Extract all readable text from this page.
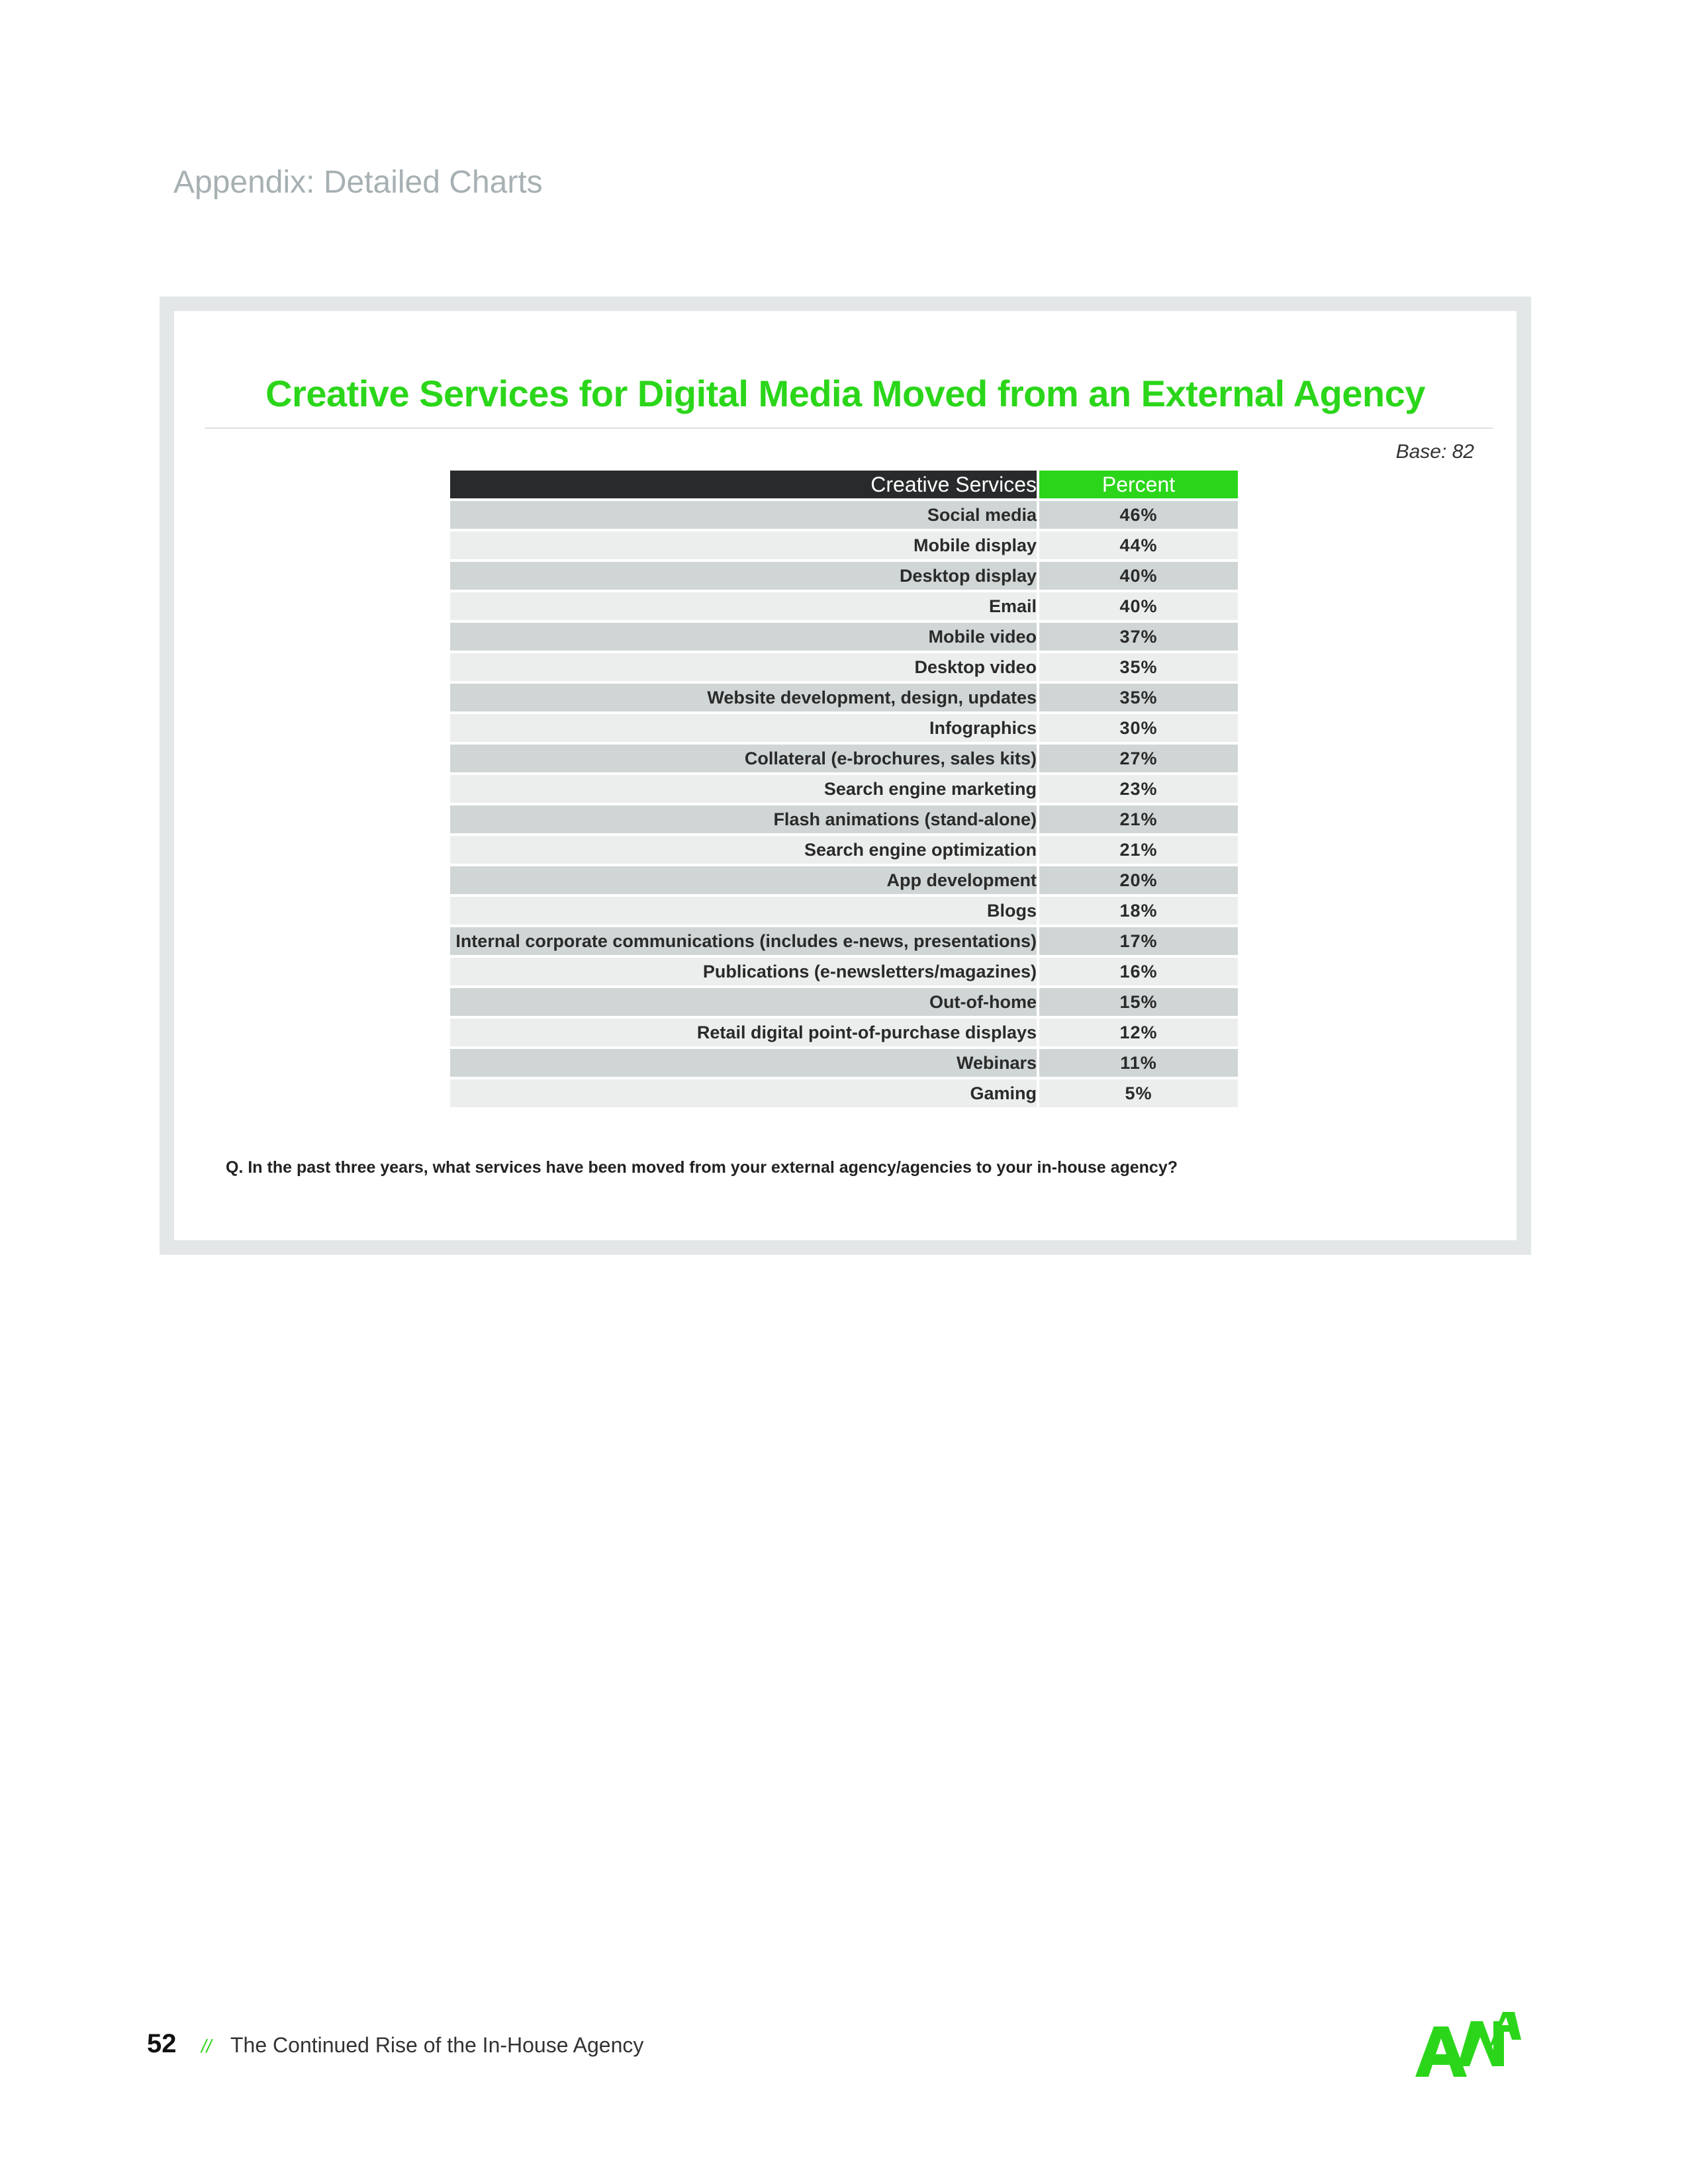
Appendix: Detailed Charts
Creative Services for Digital Media Moved from an External Agency
Base: 82
Creative Services	Percent
Social media	46%
Mobile display	44%
Desktop display	40%
Email	40%
Mobile video	37%
Desktop video	35%
Website development, design, updates	35%
Infographics	30%
Collateral (e-brochures, sales kits)	27%
Search engine marketing	23%
Flash animations (stand-alone)	21%
Search engine optimization	21%
App development	20%
Blogs	18%
Internal corporate communications (includes e-news, presentations)	17%
Publications (e-newsletters/magazines)	16%
Out-of-home	15%
Retail digital point-of-purchase displays	12%
Webinars	11%
Gaming	5%
Q. In the past three years, what services have been moved from your external agency/agencies to your in-house agency?
52 // The Continued Rise of the In-House Agency
